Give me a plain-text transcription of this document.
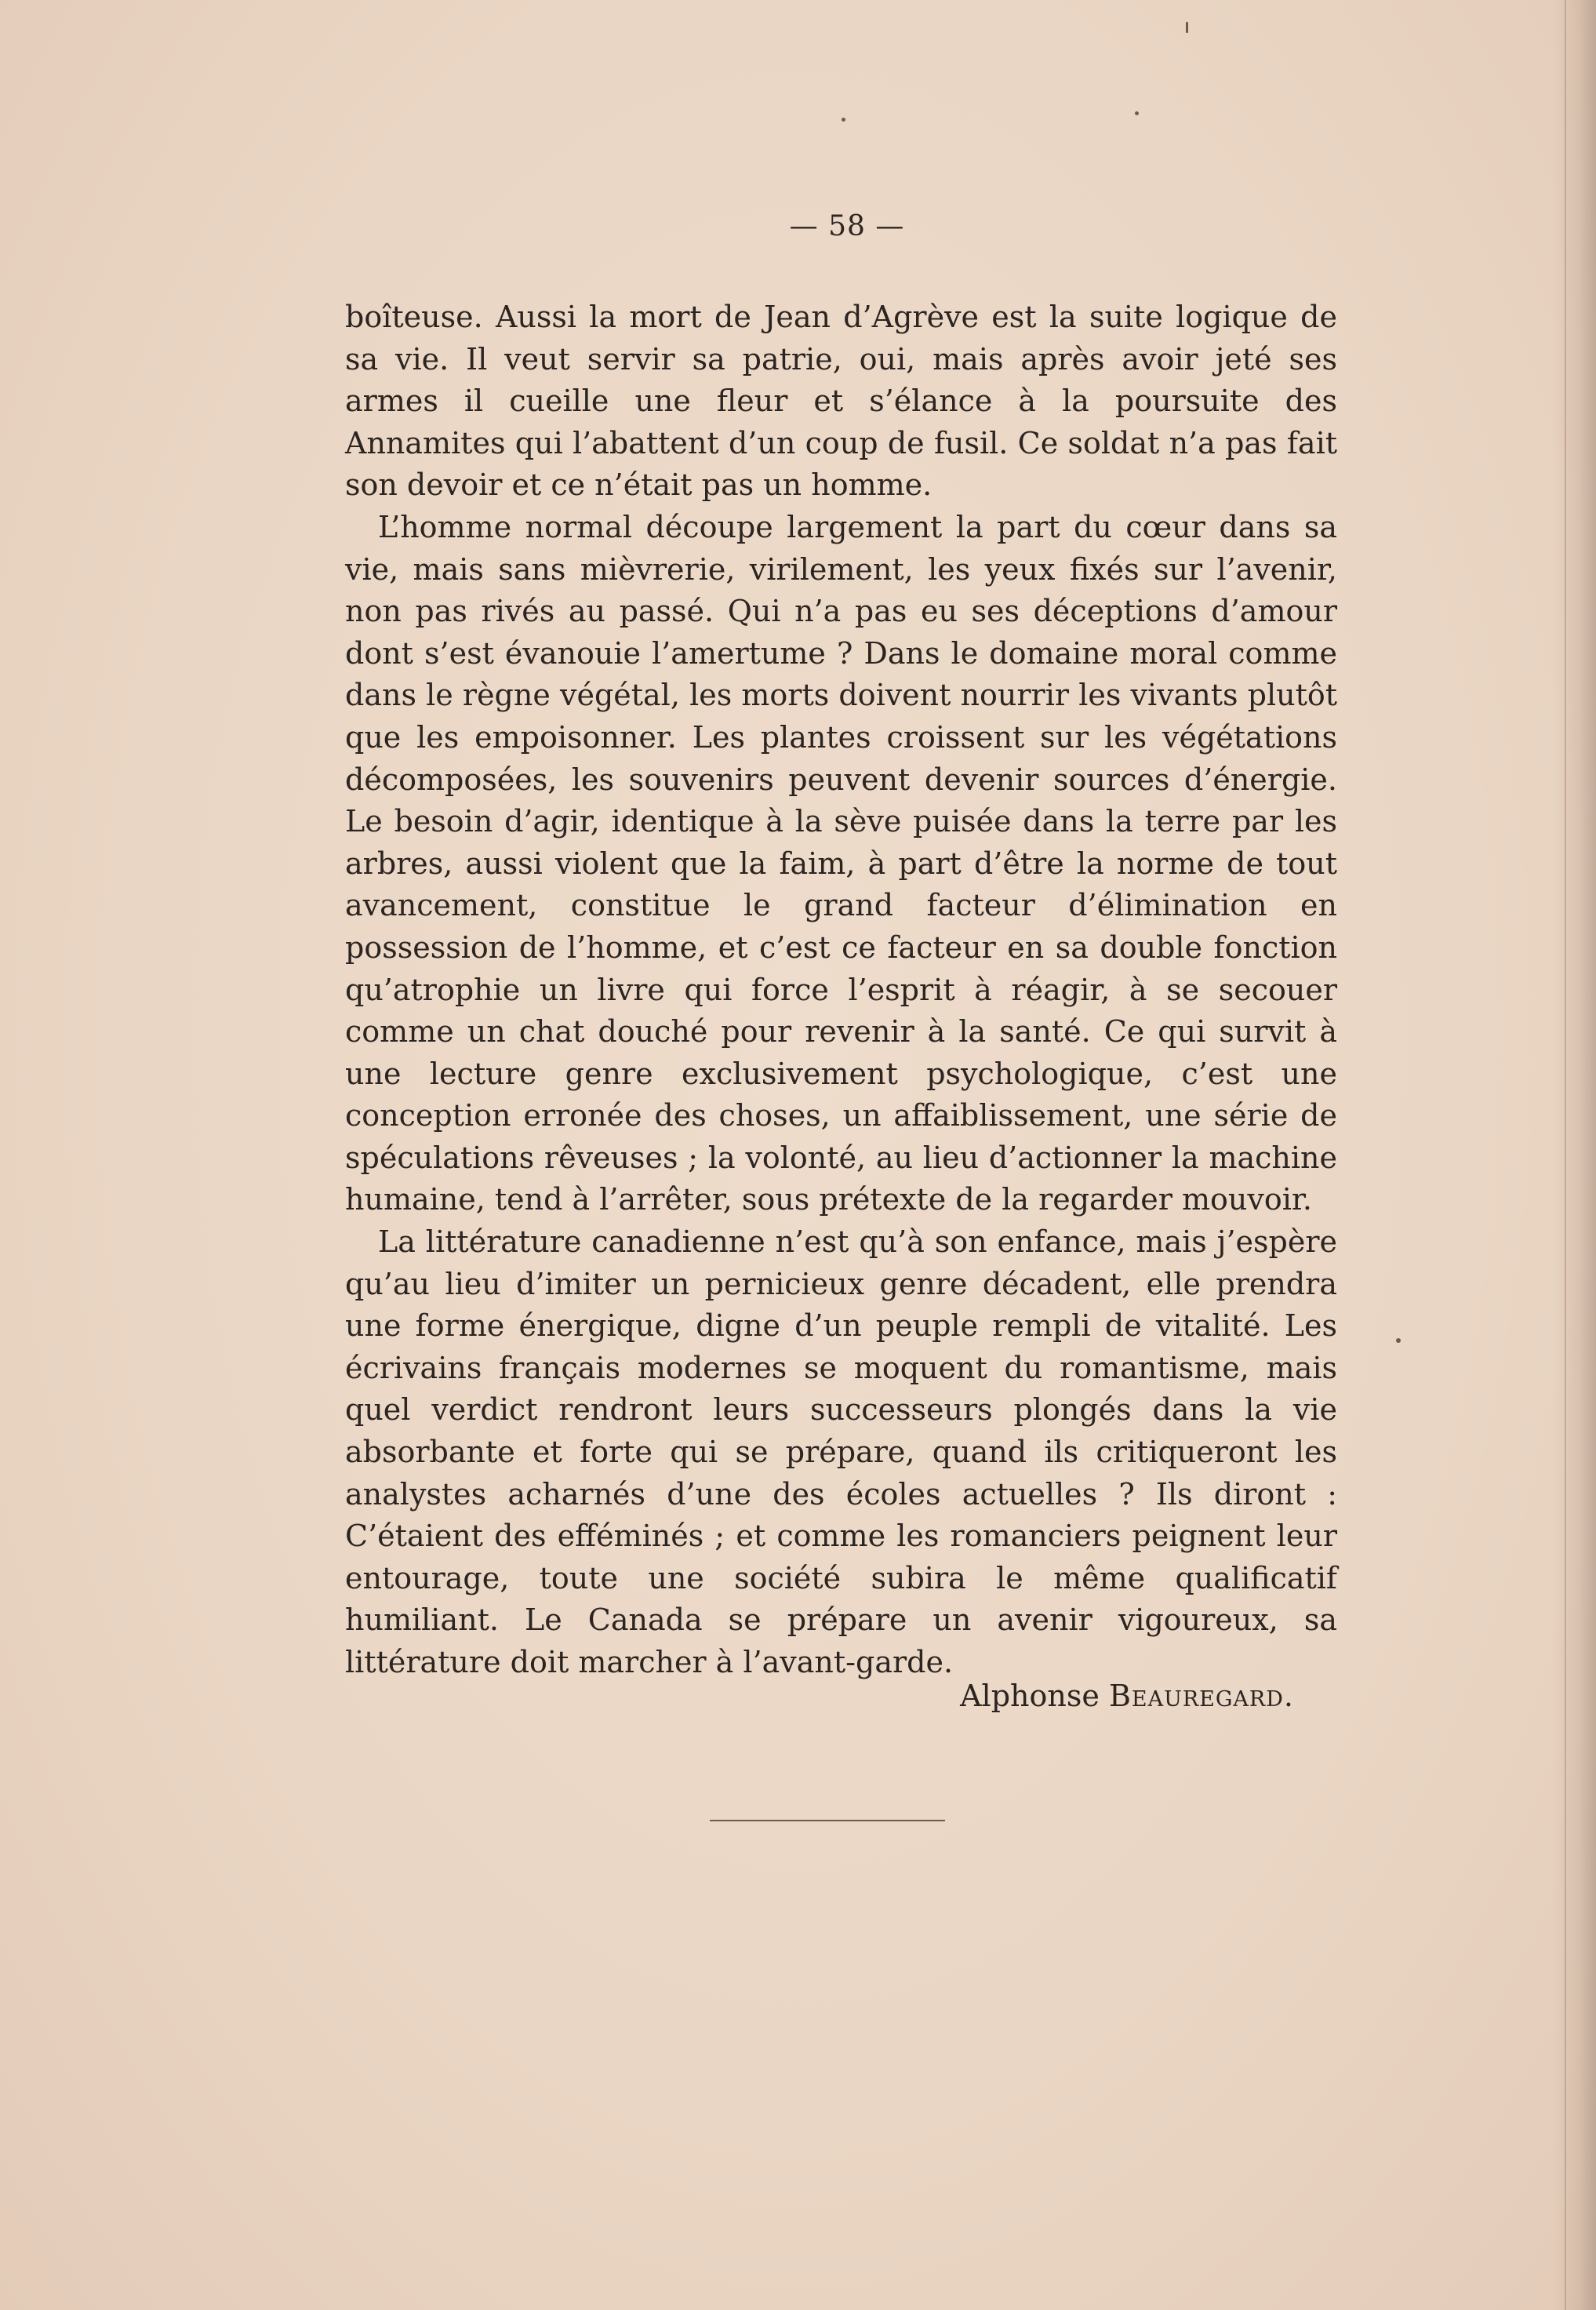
— 58 —

boîteuse. Aussi la mort de Jean d’Agrève est la suite logique de sa vie. Il veut servir sa patrie, oui, mais après avoir jeté ses armes il cueille une fleur et s’élance à la poursuite des Annamites qui l’abattent d’un coup de fusil. Ce soldat n’a pas fait son devoir et ce n’était pas un homme.

L’homme normal découpe largement la part du cœur dans sa vie, mais sans mièvrerie, virilement, les yeux fixés sur l’avenir, non pas rivés au passé. Qui n’a pas eu ses déceptions d’amour dont s’est évanouie l’amertume ? Dans le domaine moral comme dans le règne végétal, les morts doivent nourrir les vivants plutôt que les empoisonner. Les plantes croissent sur les végétations décomposées, les souvenirs peuvent devenir sources d’énergie. Le besoin d’agir, identique à la sève puisée dans la terre par les arbres, aussi violent que la faim, à part d’être la norme de tout avancement, constitue le grand facteur d’élimination en possession de l’homme, et c’est ce facteur en sa double fonction qu’atrophie un livre qui force l’esprit à réagir, à se secouer comme un chat douché pour revenir à la santé. Ce qui survit à une lecture genre exclusivement psychologique, c’est une conception erronée des choses, un affaiblissement, une série de spéculations rêveuses ; la volonté, au lieu d’actionner la machine humaine, tend à l’arrêter, sous prétexte de la regarder mouvoir.

La littérature canadienne n’est qu’à son enfance, mais j’espère qu’au lieu d’imiter un pernicieux genre décadent, elle prendra une forme énergique, digne d’un peuple rempli de vitalité. Les écrivains français modernes se moquent du romantisme, mais quel verdict rendront leurs successeurs plongés dans la vie absorbante et forte qui se prépare, quand ils critiqueront les analystes acharnés d’une des écoles actuelles ? Ils diront : C’étaient des efféminés ; et comme les romanciers peignent leur entourage, toute une société subira le même qualificatif humiliant. Le Canada se prépare un avenir vigoureux, sa littérature doit marcher à l’avant-garde.

Alphonse Beauregard.
